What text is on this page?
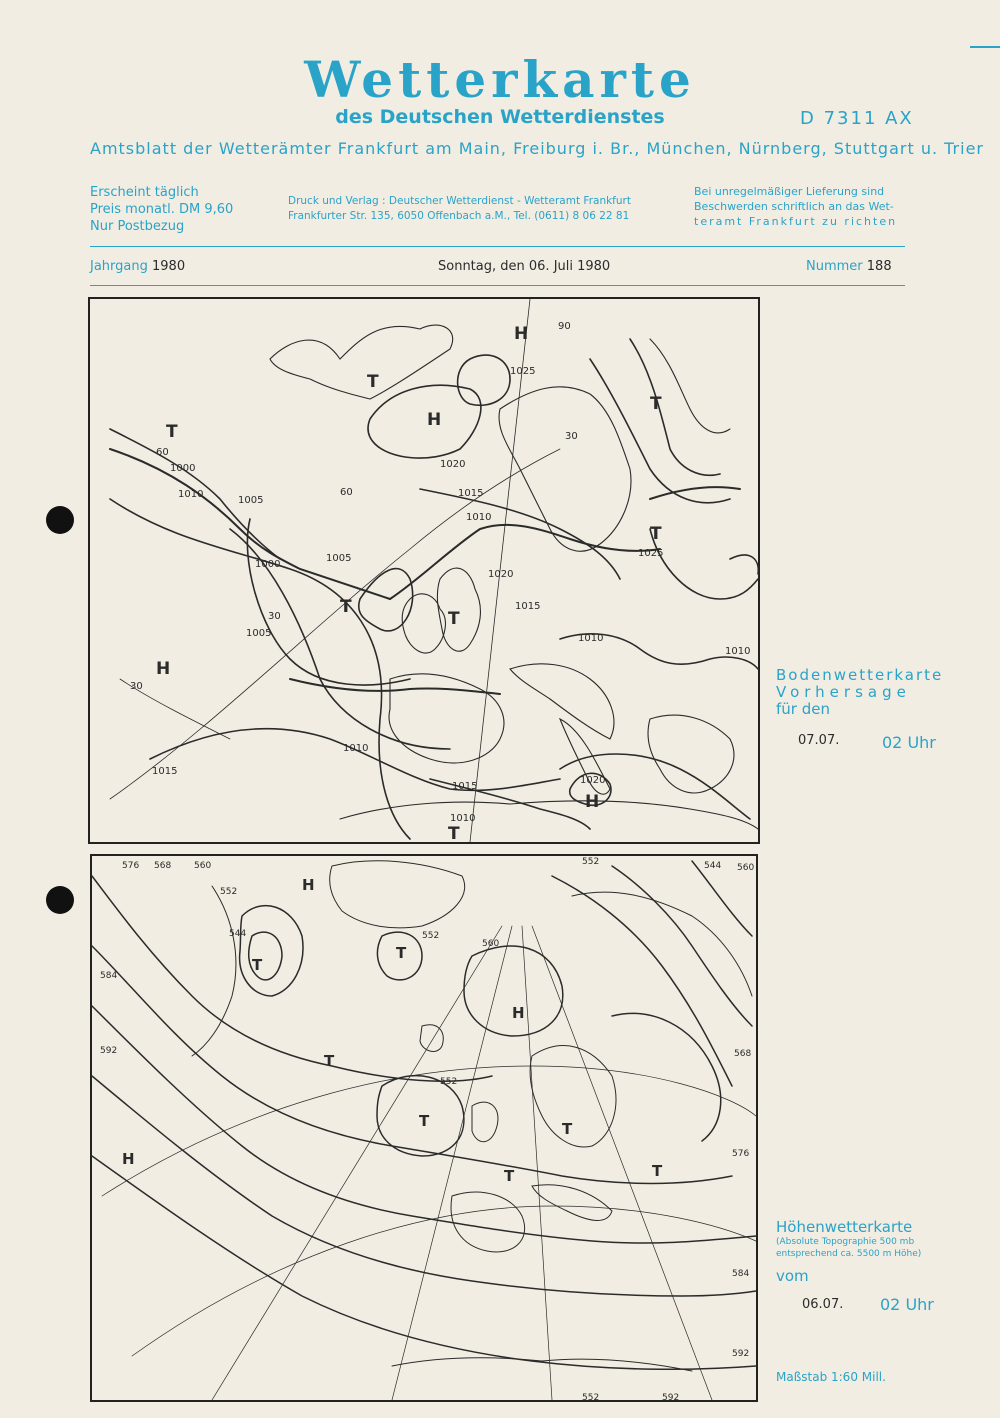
Wetterkarte
des Deutschen Wetterdienstes	D 7311 AX
Amtsblatt der Wetterämter Frankfurt am Main, Freiburg i. Br., München, Nürnberg, Stuttgart u. Trier
Erscheint täglich
Preis monatl. DM 9,60
Nur Postbezug
Druck und Verlag : Deutscher Wetterdienst - Wetteramt Frankfurt
Frankfurter Str. 135, 6050 Offenbach a.M., Tel. (0611) 8 06 22 81
Bei unregelmäßiger Lieferung sind
Beschwerden schriftlich an das Wet-
teramt Frankfurt zu richten
Jahrgang 1980	Sonntag, den 06. Juli 1980	Nummer 188
1025
1020
1015
1010
1005
1000
1010
1005
1000
1005
1010
1015
1025
1020
1015
1010
1010
1020
1015
1010
60
60
30
30
90
30
H
H
H
H
T
T
T
T
T
T
T
Bodenwetterkarte
Vorhersage
für den
07.07.	02 Uhr
576 568	560
552
544	552
560
584
592
552
544
552
560
568
576
584
592
592
552
H
H
H
T
T
T
T	T
T
T
Höhenwetterkarte
(Absolute Topographie 500 mb
entsprechend ca. 5500 m Höhe)
vom
06.07. 02 Uhr
Maßstab 1:60 Mill.
